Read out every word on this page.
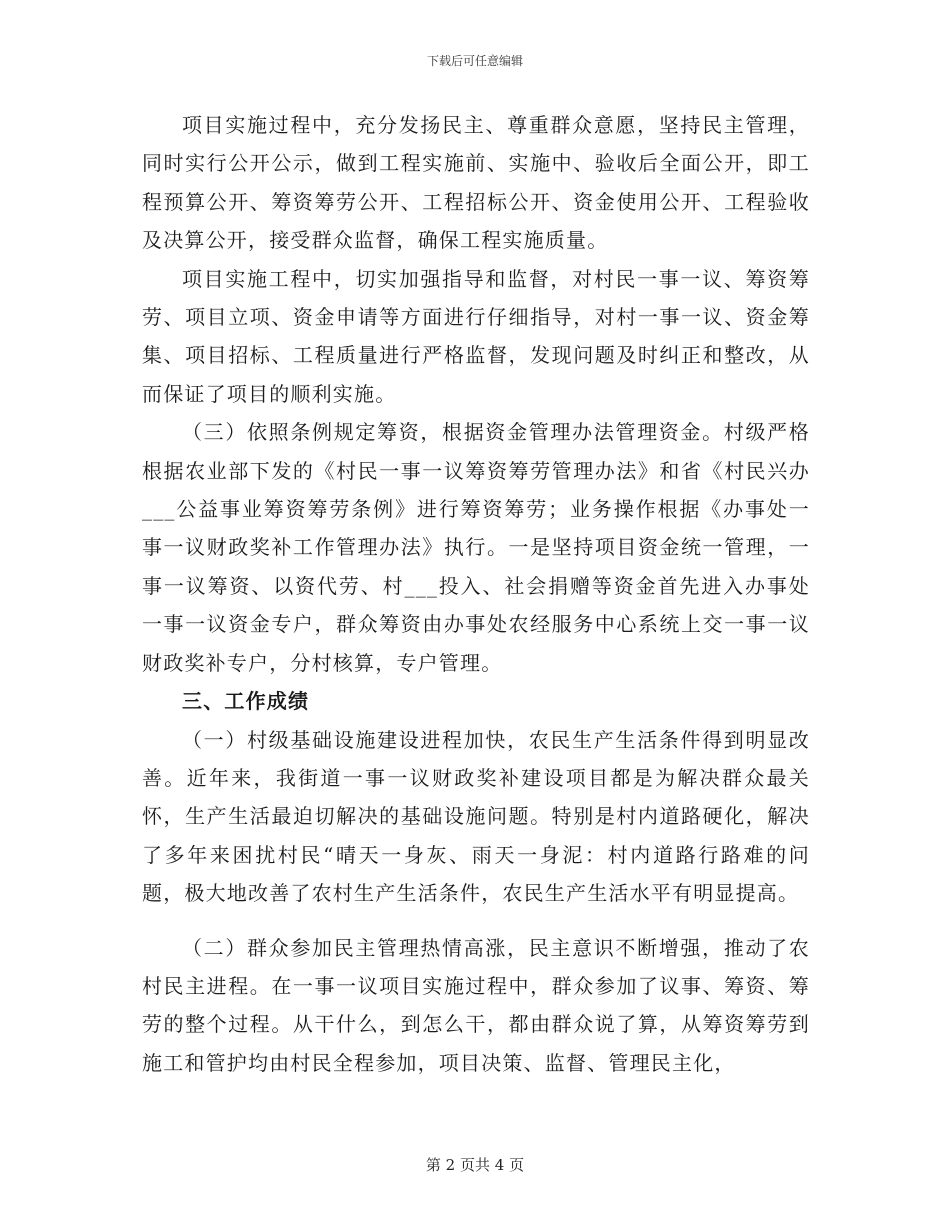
下载后可任意编辑

项目实施过程中，充分发扬民主、尊重群众意愿，坚持民主管理，同时实行公开公示，做到工程实施前、实施中、验收后全面公开，即工程预算公开、筹资筹劳公开、工程招标公开、资金使用公开、工程验收及决算公开，接受群众监督，确保工程实施质量。

项目实施工程中，切实加强指导和监督，对村民一事一议、筹资筹劳、项目立项、资金申请等方面进行仔细指导，对村一事一议、资金筹集、项目招标、工程质量进行严格监督，发现问题及时纠正和整改，从而保证了项目的顺利实施。

（三）依照条例规定筹资，根据资金管理办法管理资金。村级严格根据农业部下发的《村民一事一议筹资筹劳管理办法》和省《村民兴办___公益事业筹资筹劳条例》进行筹资筹劳；业务操作根据《办事处一事一议财政奖补工作管理办法》执行。一是坚持项目资金统一管理，一事一议筹资、以资代劳、村___投入、社会捐赠等资金首先进入办事处一事一议资金专户，群众筹资由办事处农经服务中心系统上交一事一议财政奖补专户，分村核算，专户管理。

三、工作成绩

（一）村级基础设施建设进程加快，农民生产生活条件得到明显改善。近年来，我街道一事一议财政奖补建设项目都是为解决群众最关怀，生产生活最迫切解决的基础设施问题。特别是村内道路硬化，解决了多年来困扰村民“晴天一身灰、雨天一身泥：村内道路行路难的问题，极大地改善了农村生产生活条件，农民生产生活水平有明显提高。

（二）群众参加民主管理热情高涨，民主意识不断增强，推动了农村民主进程。在一事一议项目实施过程中，群众参加了议事、筹资、筹劳的整个过程。从干什么，到怎么干，都由群众说了算，从筹资筹劳到施工和管护均由村民全程参加，项目决策、监督、管理民主化，

第 2 页共 4 页
